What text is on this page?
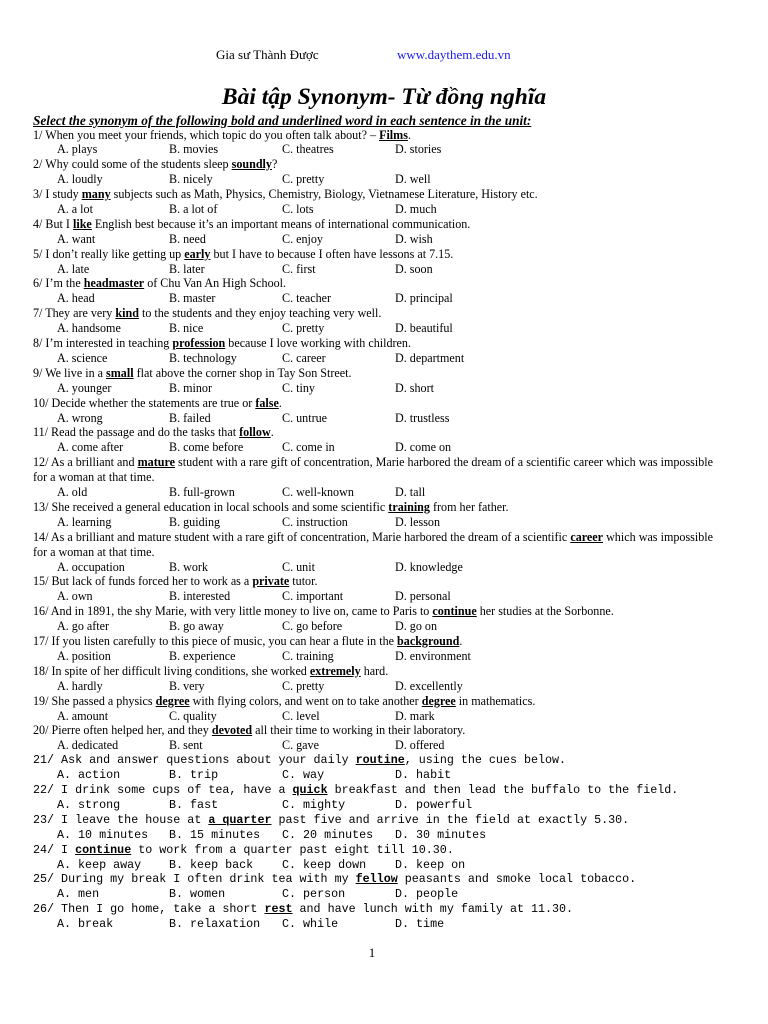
Gia sư Thành Được	www.daythem.edu.vn
Bài tập Synonym- Từ đồng nghĩa
Select the synonym of the following bold and underlined word in each sentence in the unit:
1/ When you meet your friends, which topic do you often talk about? – Films.
A. plays	B. movies	C. theatres	D. stories
2/ Why could some of the students sleep soundly?
A. loudly	B. nicely	C. pretty	D. well
3/ I study many subjects such as Math, Physics, Chemistry, Biology, Vietnamese Literature, History etc.
A. a lot	B. a lot of	C. lots	D. much
4/ But I like English best because it’s an important means of international communication.
A. want	B. need	C. enjoy	D. wish
5/ I don’t really like getting up early but I have to because I often have lessons at 7.15.
A. late	B. later	C. first	D. soon
6/ I’m the headmaster of Chu Van An High School.
A. head	B. master	C. teacher	D. principal
7/ They are very kind to the students and they enjoy teaching very well.
A. handsome	B. nice	C. pretty	D. beautiful
8/ I’m interested in teaching profession because I love working with children.
A. science	B. technology	C. career	D. department
9/ We live in a small flat above the corner shop in Tay Son Street.
A. younger	B. minor	C. tiny	D. short
10/ Decide whether the statements are true or false.
A. wrong	B. failed	C. untrue	D. trustless
11/ Read the passage and do the tasks that follow.
A. come after	B. come before	C. come in	D. come on
12/ As a brilliant and mature student with a rare gift of concentration, Marie harbored the dream of a scientific career which was impossible for a woman at that time.
A. old	B. full-grown	C. well-known	D. tall
13/ She received a general education in local schools and some scientific training from her father.
A. learning	B. guiding	C. instruction	D. lesson
14/ As a brilliant and mature student with a rare gift of concentration, Marie harbored the dream of a scientific career which was impossible for a woman at that time.
A. occupation	B. work	C. unit	D. knowledge
15/ But lack of funds forced her to work as a private tutor.
A. own	B. interested	C. important	D. personal
16/ And in 1891, the shy Marie, with very little money to live on, came to Paris to continue her studies at the Sorbonne.
A. go after	B. go away	C. go before	D. go on
17/ If you listen carefully to this piece of music, you can hear a flute in the background.
A. position	B. experience	C. training	D. environment
18/ In spite of her difficult living conditions, she worked extremely hard.
A. hardly	B. very	C. pretty	D. excellently
19/ She passed a physics degree with flying colors, and went on to take another degree in mathematics.
A. amount	C. quality	C. level	D. mark
20/ Pierre often helped her, and they devoted all their time to working in their laboratory.
A. dedicated	B. sent	C. gave	D. offered
21/ Ask and answer questions about your daily routine, using the cues below.
A. action	B. trip	C. way	D. habit
22/ I drink some cups of tea, have a quick breakfast and then lead the buffalo to the field.
A. strong	B. fast	C. mighty	D. powerful
23/ I leave the house at a quarter past five and arrive in the field at exactly 5.30.
A. 10 minutes B. 15 minutes C. 20 minutes D. 30 minutes
24/ I continue to work from a quarter past eight till 10.30.
A. keep away B. keep back C. keep down D. keep on
25/ During my break I often drink tea with my fellow peasants and smoke local tobacco.
A. men	B. women	C. person	D. people
26/ Then I go home, take a short rest and have lunch with my family at 11.30.
A. break	B. relaxation C. while	D. time
1
